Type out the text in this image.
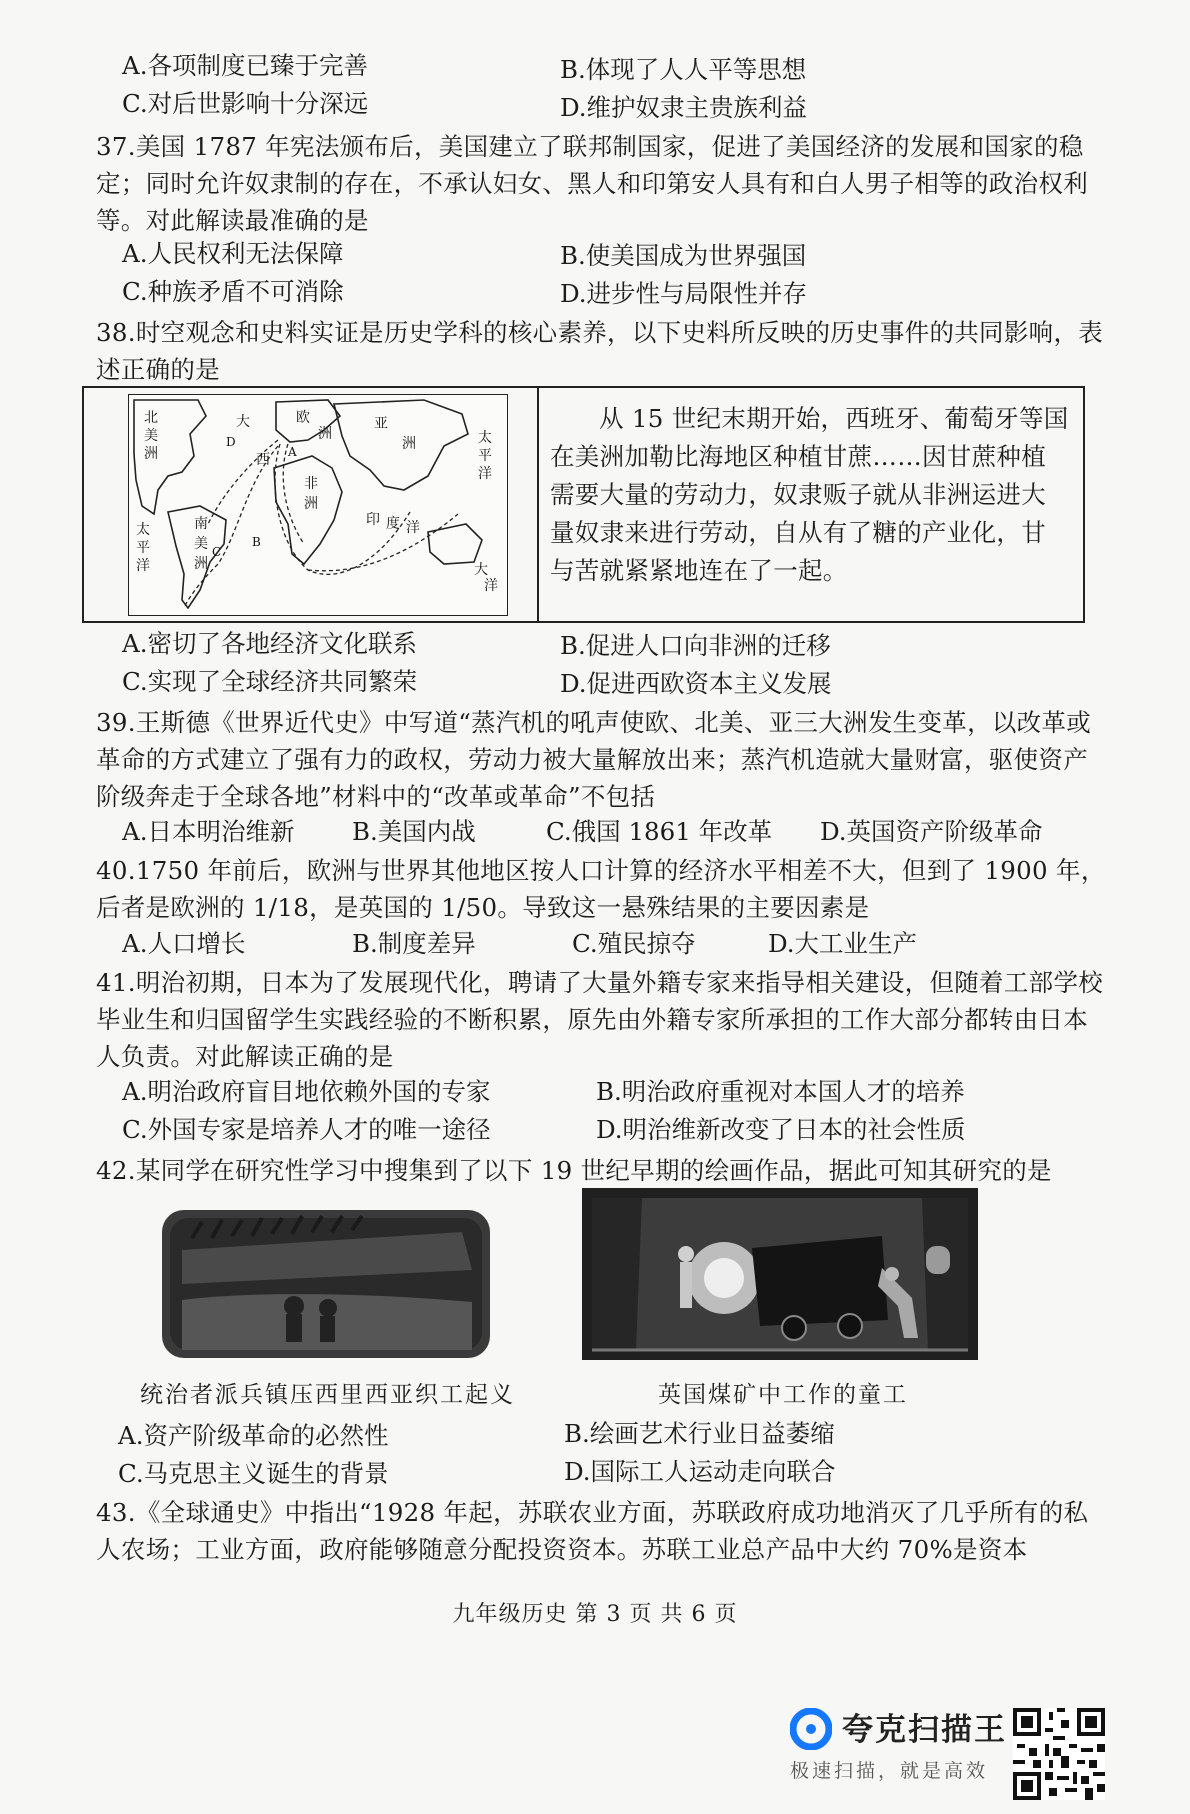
A.各项制度已臻于完善	B.体现了人人平等思想
C.对后世影响十分深远	D.维护奴隶主贵族利益
37.美国 1787 年宪法颁布后，美国建立了联邦制国家，促进了美国经济的发展和国家的稳定；同时允许奴隶制的存在，不承认妇女、黑人和印第安人具有和白人男子相等的政治权利等。对此解读最准确的是
A.人民权利无法保障	B.使美国成为世界强国
C.种族矛盾不可消除	D.进步性与局限性并存
38.时空观念和史料实证是历史学科的核心素养，以下史料所反映的历史事件的共同影响，表述正确的是
北
美
洲
大	欧
洲
亚
洲	太
平
洋
西
非
洲
南
美
洲
印 度 洋
大
洋
太
平
洋
A
B
C
D
从 15 世纪末期开始，西班牙、葡萄牙等国在美洲加勒比海地区种植甘蔗……因甘蔗种植需要大量的劳动力，奴隶贩子就从非洲运进大量奴隶来进行劳动，自从有了糖的产业化，甘与苦就紧紧地连在了一起。
A.密切了各地经济文化联系	B.促进人口向非洲的迁移
C.实现了全球经济共同繁荣	D.促进西欧资本主义发展
39.王斯德《世界近代史》中写道“蒸汽机的吼声使欧、北美、亚三大洲发生变革，以改革或革命的方式建立了强有力的政权，劳动力被大量解放出来；蒸汽机造就大量财富，驱使资产阶级奔走于全球各地”材料中的“改革或革命”不包括
A.日本明治维新 B.美国内战	C.俄国 1861 年改革 D.英国资产阶级革命
40.1750 年前后，欧洲与世界其他地区按人口计算的经济水平相差不大，但到了 1900 年，后者是欧洲的 1/18，是英国的 1/50。导致这一悬殊结果的主要因素是
A.人口增长	B.制度差异	C.殖民掠夺	D.大工业生产
41.明治初期，日本为了发展现代化，聘请了大量外籍专家来指导相关建设，但随着工部学校毕业生和归国留学生实践经验的不断积累，原先由外籍专家所承担的工作大部分都转由日本人负责。对此解读正确的是
A.明治政府盲目地依赖外国的专家	B.明治政府重视对本国人才的培养
C.外国专家是培养人才的唯一途径	D.明治维新改变了日本的社会性质
42.某同学在研究性学习中搜集到了以下 19 世纪早期的绘画作品，据此可知其研究的是
统治者派兵镇压西里西亚织工起义	英国煤矿中工作的童工
A.资产阶级革命的必然性	B.绘画艺术行业日益萎缩
C.马克思主义诞生的背景	D.国际工人运动走向联合
43.《全球通史》中指出“1928 年起，苏联农业方面，苏联政府成功地消灭了几乎所有的私人农场；工业方面，政府能够随意分配投资资本。苏联工业总产品中大约 70%是资本
九年级历史 第 3 页 共 6 页
夸克扫描王
极速扫描，就是高效
